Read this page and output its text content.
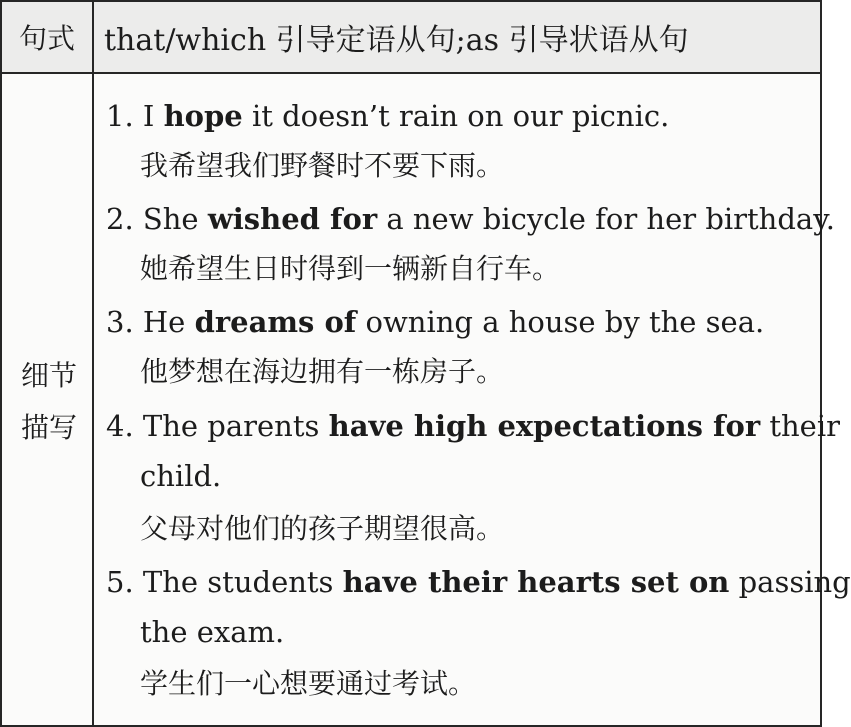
句式 that/which 引导定语从句;as 引导状语从句
细节
描写
1. I hope it doesn’t rain on our picnic.
我希望我们野餐时不要下雨。
2. She wished for a new bicycle for her birthday.
她希望生日时得到一辆新自行车。
3. He dreams of owning a house by the sea.
他梦想在海边拥有一栋房子。
4. The parents have high expectations for their
child.
父母对他们的孩子期望很高。
5. The students have their hearts set on passing
the exam.
学生们一心想要通过考试。
